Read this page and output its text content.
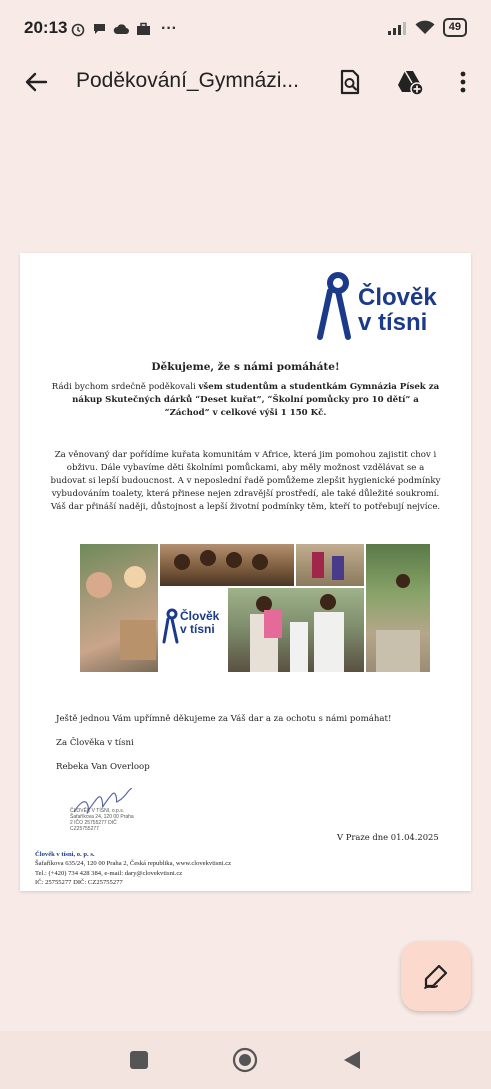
20:13	···	49
Poděkování_Gymnázi...
Člověk v tísni
Děkujeme, že s námi pomáháte!
Rádi bychom srdečně poděkovali všem studentům a studentkám Gymnázia Písek za nákup Skutečných dárků “Deset kuřat”, “Školní pomůcky pro 10 dětí” a “Záchod” v celkové výši 1 150 Kč.
Za věnovaný dar pořídíme kuřata komunitám v Africe, která jim pomohou zajistit chov i obživu. Dále vybavíme děti školními pomůckami, aby měly možnost vzdělávat se a budovat si lepší budoucnost. A v neposlední řadě pomůžeme zlepšit hygienické podmínky vybudováním toalety, která přinese nejen zdravější prostředí, ale také důležité soukromí. Váš dar přináší naději, důstojnost a lepší životní podmínky těm, kteří to potřebují nejvíce.
Člověk v tísni
Ještě jednou Vám upřímně děkujeme za Váš dar a za ochotu s námi pomáhat!
Za Člověka v tísni
Rebeka Van Overloop
ČLOVĚK V TÍSNI, o.p.s. Šafaříkova 24, 120 00 Praha 2 IČO 25755277 DIČ CZ25755277
V Praze dne 01.04.2025
Člověk v tísni, o. p. s.
Šafaříkova 635/24, 120 00 Praha 2, Česká republika, www.clovekvtisni.cz
Tel.: (+420) 734 428 384, e-mail: dary@clovekvtisni.cz
IČ: 25755277 DIČ: CZ25755277
